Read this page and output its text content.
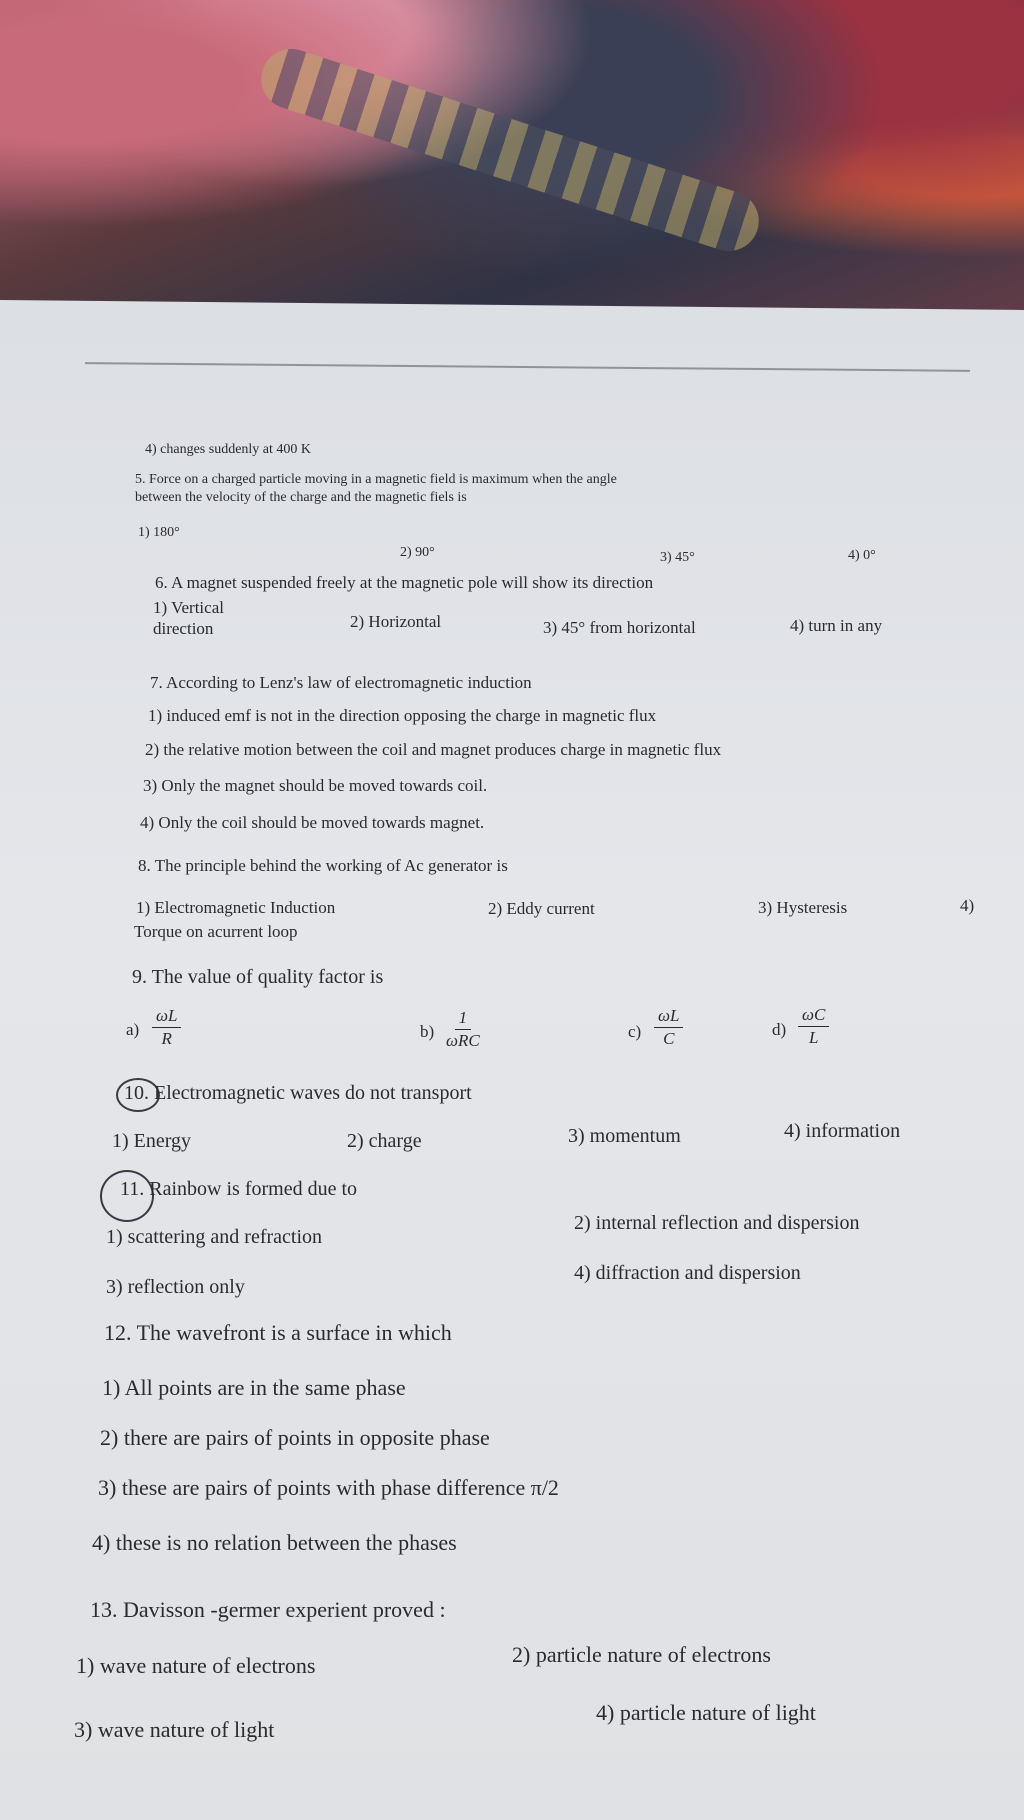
4) changes suddenly at 400 K
5. Force on a charged particle moving in a magnetic field is maximum when the angle
between the velocity of the charge and the magnetic fiels is
1) 180°
2) 90°	3) 45°	4) 0°
6. A magnet suspended freely at the magnetic pole will show its direction
1) Vertical
direction	2) Horizontal	3) 45° from horizontal	4) turn in any
7. According to Lenz's law of electromagnetic induction
1) induced emf is not in the direction opposing the charge in magnetic flux
2) the relative motion between the coil and magnet produces charge in magnetic flux
3) Only the magnet should be moved towards coil.
4) Only the coil should be moved towards magnet.
8. The principle behind the working of Ac generator is
1) Electromagnetic Induction	2) Eddy current	3) Hysteresis	4)
Torque on acurrent loop
9. The value of quality factor is
$a) \frac{\omega L}{R}$	b)
1
ωRC	$c) \frac{\omega L}{C}$	$d) \frac{\omega C}{L}$
10. Electromagnetic waves do not transport
1) Energy	2) charge	3) momentum	4) information
11. Rainbow is formed due to
1) scattering and refraction
2) internal reflection and dispersion
3) reflection only
4) diffraction and dispersion
12. The wavefront is a surface in which
1) All points are in the same phase
2) there are pairs of points in opposite phase
3) these are pairs of points with phase difference π/2
4) these is no relation between the phases
13. Davisson -germer experient proved :
1) wave nature of electrons	2) particle nature of electrons
3) wave nature of light
4) particle nature of light
